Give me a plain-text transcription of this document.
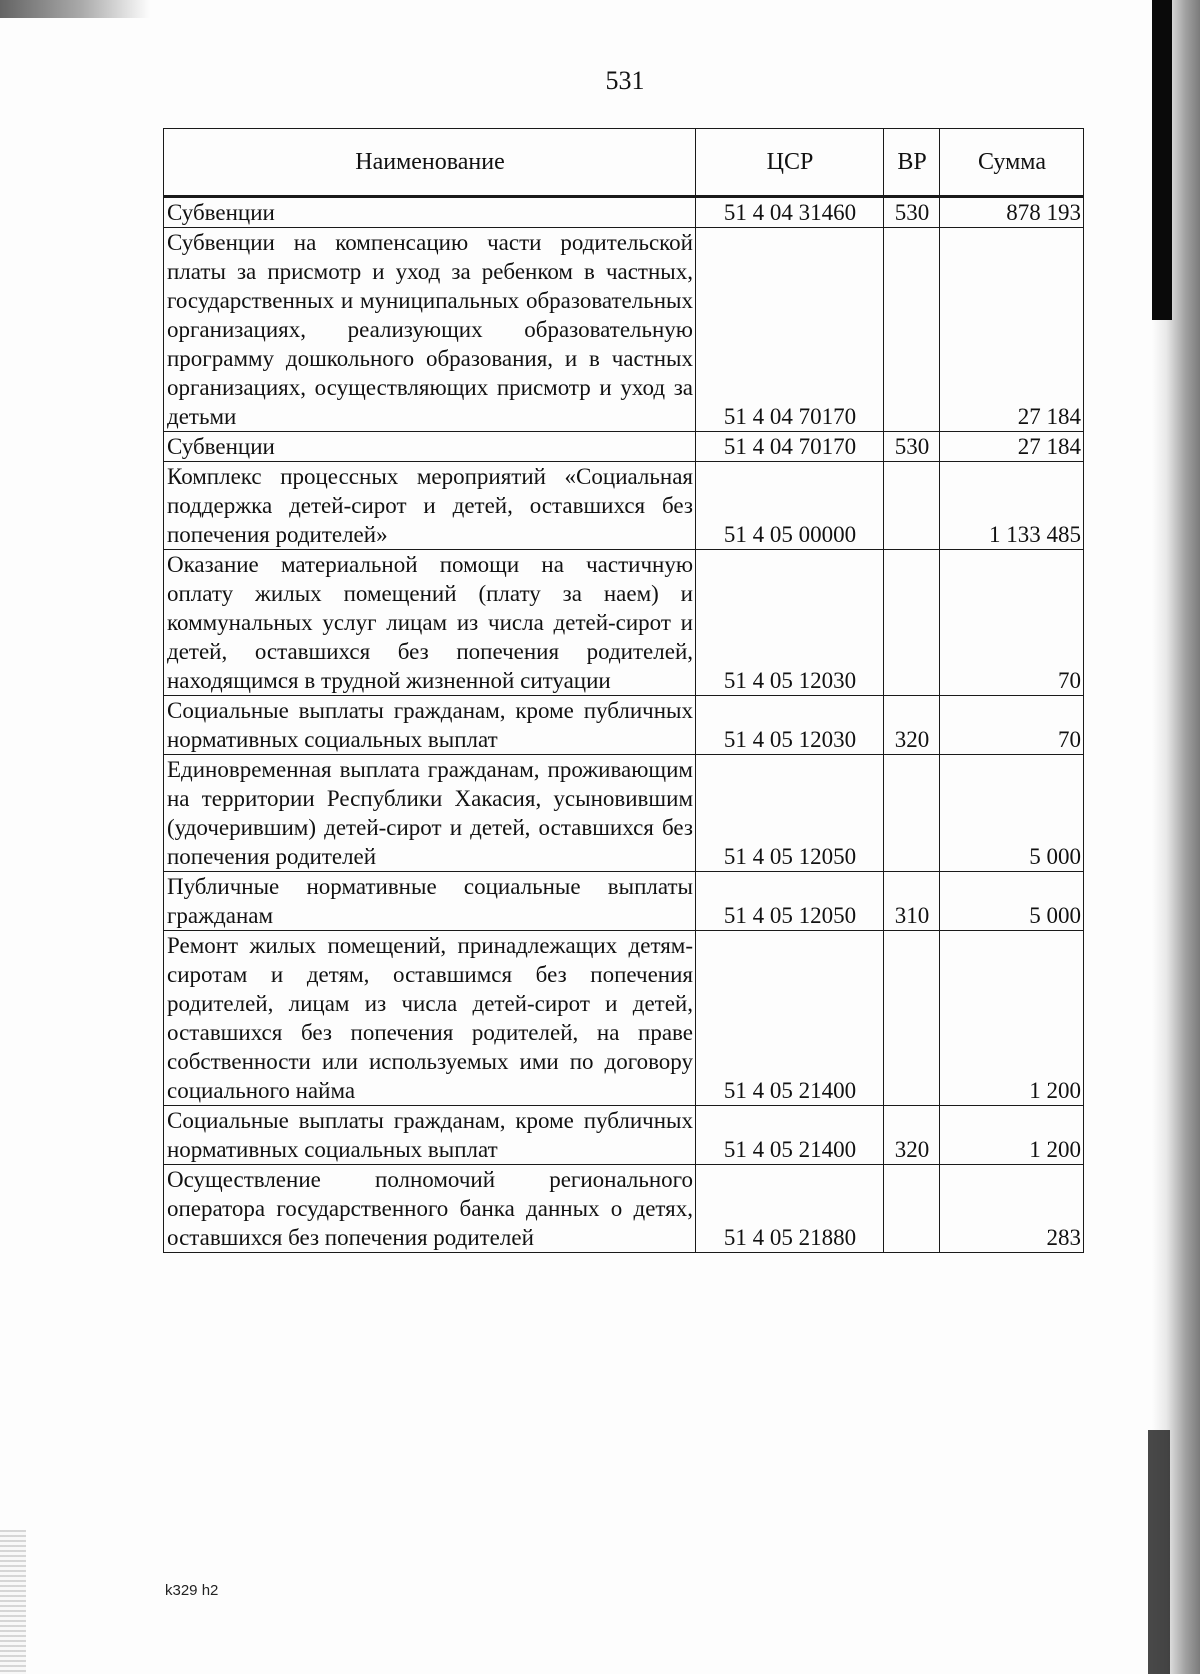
531
Наименование	ЦСР	ВР	Сумма
Субвенции	51 4 04 31460	530	878 193
Субвенции на компенсацию части родительской платы за присмотр и уход за ребенком в частных, государственных и муниципальных образовательных организациях, реализующих образовательную программу дошкольного образования, и в частных организациях, осуществляющих присмотр и уход за детьми	51 4 04 70170		27 184
Субвенции	51 4 04 70170	530	27 184
Комплекс процессных мероприятий «Социальная поддержка детей-сирот и детей, оставшихся без попечения родителей»	51 4 05 00000		1 133 485
Оказание материальной помощи на частичную оплату жилых помещений (плату за наем) и коммунальных услуг лицам из числа детей-сирот и детей, оставшихся без попечения родителей, находящимся в трудной жизненной ситуации	51 4 05 12030		70
Социальные выплаты гражданам, кроме публичных нормативных социальных выплат	51 4 05 12030	320	70
Единовременная выплата гражданам, проживающим на территории Республики Хакасия, усыновившим (удочерившим) детей-сирот и детей, оставшихся без попечения родителей	51 4 05 12050		5 000
Публичные нормативные социальные выплаты гражданам	51 4 05 12050	310	5 000
Ремонт жилых помещений, принадлежащих детям-сиротам и детям, оставшимся без попечения родителей, лицам из числа детей-сирот и детей, оставшихся без попечения родителей, на праве собственности или используемых ими по договору социального найма	51 4 05 21400		1 200
Социальные выплаты гражданам, кроме публичных нормативных социальных выплат	51 4 05 21400	320	1 200
Осуществление полномочий регионального оператора государственного банка данных о детях, оставшихся без попечения родителей	51 4 05 21880		283
k329 h2
